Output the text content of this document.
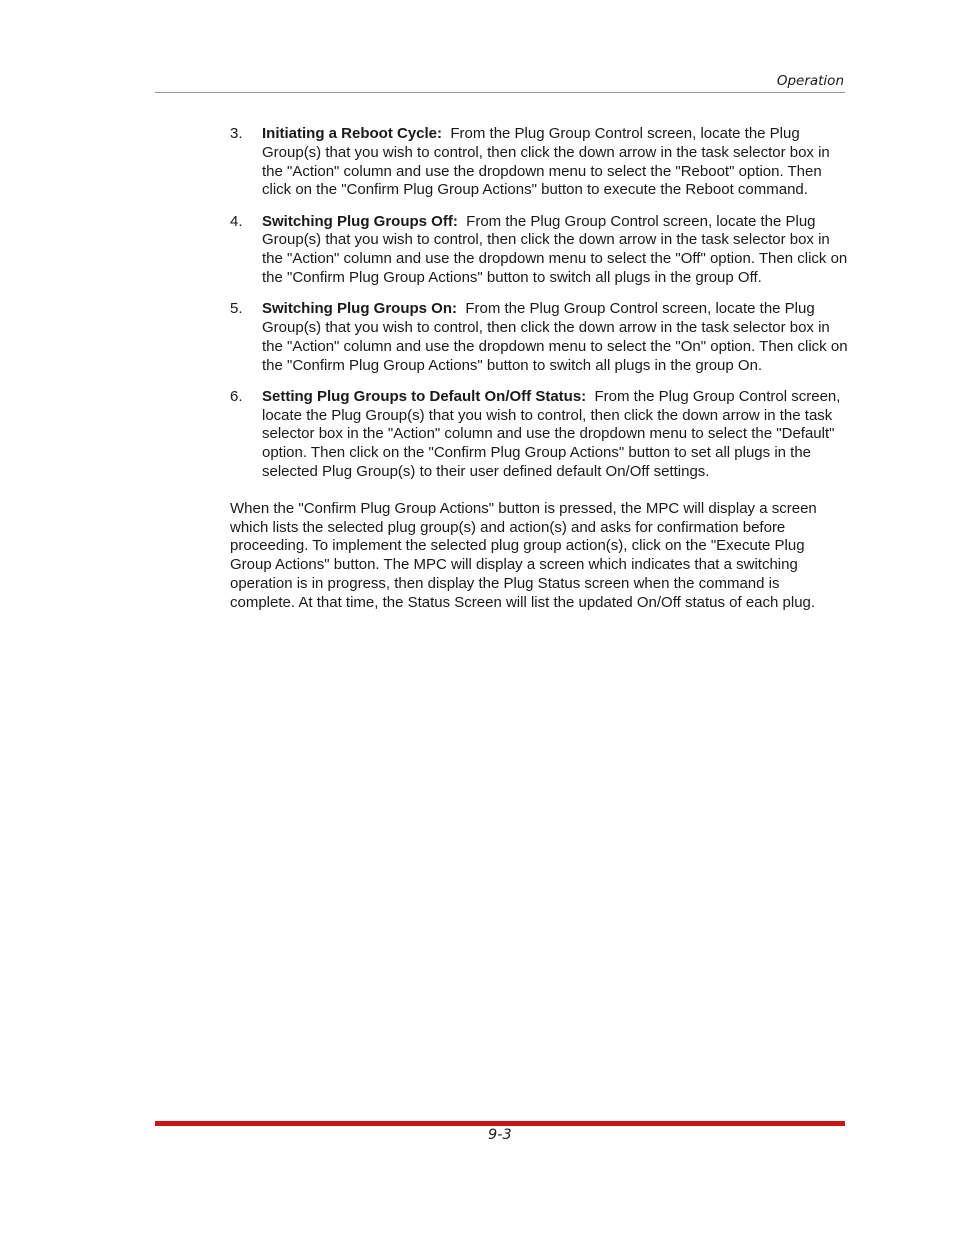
Operation
3.	Initiating a Reboot Cycle: From the Plug Group Control screen, locate the Plug Group(s) that you wish to control, then click the down arrow in the task selector box in the "Action" column and use the dropdown menu to select the "Reboot" option. Then click on the "Confirm Plug Group Actions" button to execute the Reboot command.
4.	Switching Plug Groups Off: From the Plug Group Control screen, locate the Plug Group(s) that you wish to control, then click the down arrow in the task selector box in the "Action" column and use the dropdown menu to select the "Off" option. Then click on the "Confirm Plug Group Actions" button to switch all plugs in the group Off.
5.	Switching Plug Groups On: From the Plug Group Control screen, locate the Plug Group(s) that you wish to control, then click the down arrow in the task selector box in the "Action" column and use the dropdown menu to select the "On" option. Then click on the "Confirm Plug Group Actions" button to switch all plugs in the group On.
6.	Setting Plug Groups to Default On/Off Status: From the Plug Group Control screen, locate the Plug Group(s) that you wish to control, then click the down arrow in the task selector box in the "Action" column and use the dropdown menu to select the "Default" option. Then click on the "Confirm Plug Group Actions" button to set all plugs in the selected Plug Group(s) to their user defined default On/Off settings.

When the "Confirm Plug Group Actions" button is pressed, the MPC will display a screen which lists the selected plug group(s) and action(s) and asks for confirmation before proceeding. To implement the selected plug group action(s), click on the "Execute Plug Group Actions" button. The MPC will display a screen which indicates that a switching operation is in progress, then display the Plug Status screen when the command is complete. At that time, the Status Screen will list the updated On/Off status of each plug.

9-3
